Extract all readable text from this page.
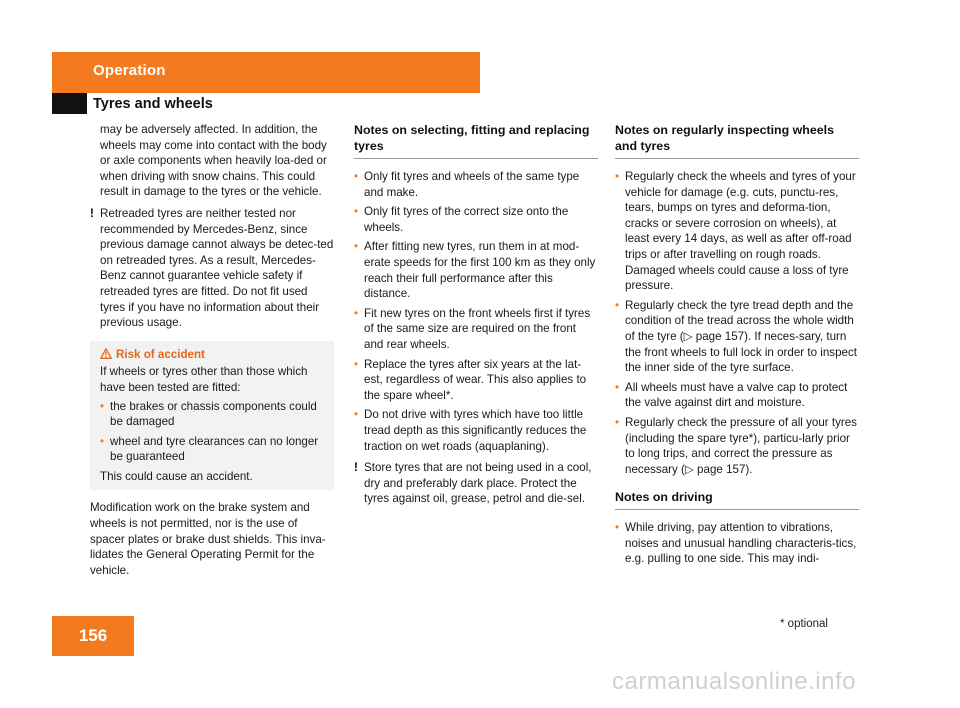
Operation
Tyres and wheels

may be adversely affected. In addition, the wheels may come into contact with the body or axle components when heavily loa-ded or when driving with snow chains. This could result in damage to the tyres or the vehicle.

! Retreaded tyres are neither tested nor recommended by Mercedes-Benz, since previous damage cannot always be detec-ted on retreaded tyres. As a result, Mercedes-Benz cannot guarantee vehicle safety if retreaded tyres are fitted. Do not fit used tyres if you have no information about their previous usage.
Risk of accident

If wheels or tyres other than those which have been tested are fitted:

• the brakes or chassis components could be damaged
• wheel and tyre clearances can no longer be guaranteed

This could cause an accident.

Modification work on the brake system and wheels is not permitted, nor is the use of spacer plates or brake dust shields. This inva-lidates the General Operating Permit for the vehicle.

Notes on selecting, fitting and replacing tyres
• Only fit tyres and wheels of the same type and make.
• Only fit tyres of the correct size onto the wheels.
• After fitting new tyres, run them in at mod-erate speeds for the first 100 km as they only reach their full performance after this distance.
• Fit new tyres on the front wheels first if tyres of the same size are required on the front and rear wheels.
• Replace the tyres after six years at the lat-est, regardless of wear. This also applies to the spare wheel*.
• Do not drive with tyres which have too little tread depth as this significantly reduces the traction on wet roads (aquaplaning).
! Store tyres that are not being used in a cool, dry and preferably dark place. Protect the tyres against oil, grease, petrol and die-sel.
Notes on regularly inspecting wheels and tyres
• Regularly check the wheels and tyres of your vehicle for damage (e.g. cuts, punctu-res, tears, bumps on tyres and deforma-tion, cracks or severe corrosion on wheels), at least every 14 days, as well as after off-road trips or after travelling on rough roads. Damaged wheels could cause a loss of tyre pressure.
• Regularly check the tyre tread depth and the condition of the tread across the whole width of the tyre (▷ page 157). If neces-sary, turn the front wheels to full lock in order to inspect the inner side of the tyre surface.
• All wheels must have a valve cap to protect the valve against dirt and moisture.
• Regularly check the pressure of all your tyres (including the spare tyre*), particu-larly prior to long trips, and correct the pressure as necessary (▷ page 157).
Notes on driving
• While driving, pay attention to vibrations, noises and unusual handling characteris-tics, e.g. pulling to one side. This may indi-
156
* optional
carmanualsonline.info
